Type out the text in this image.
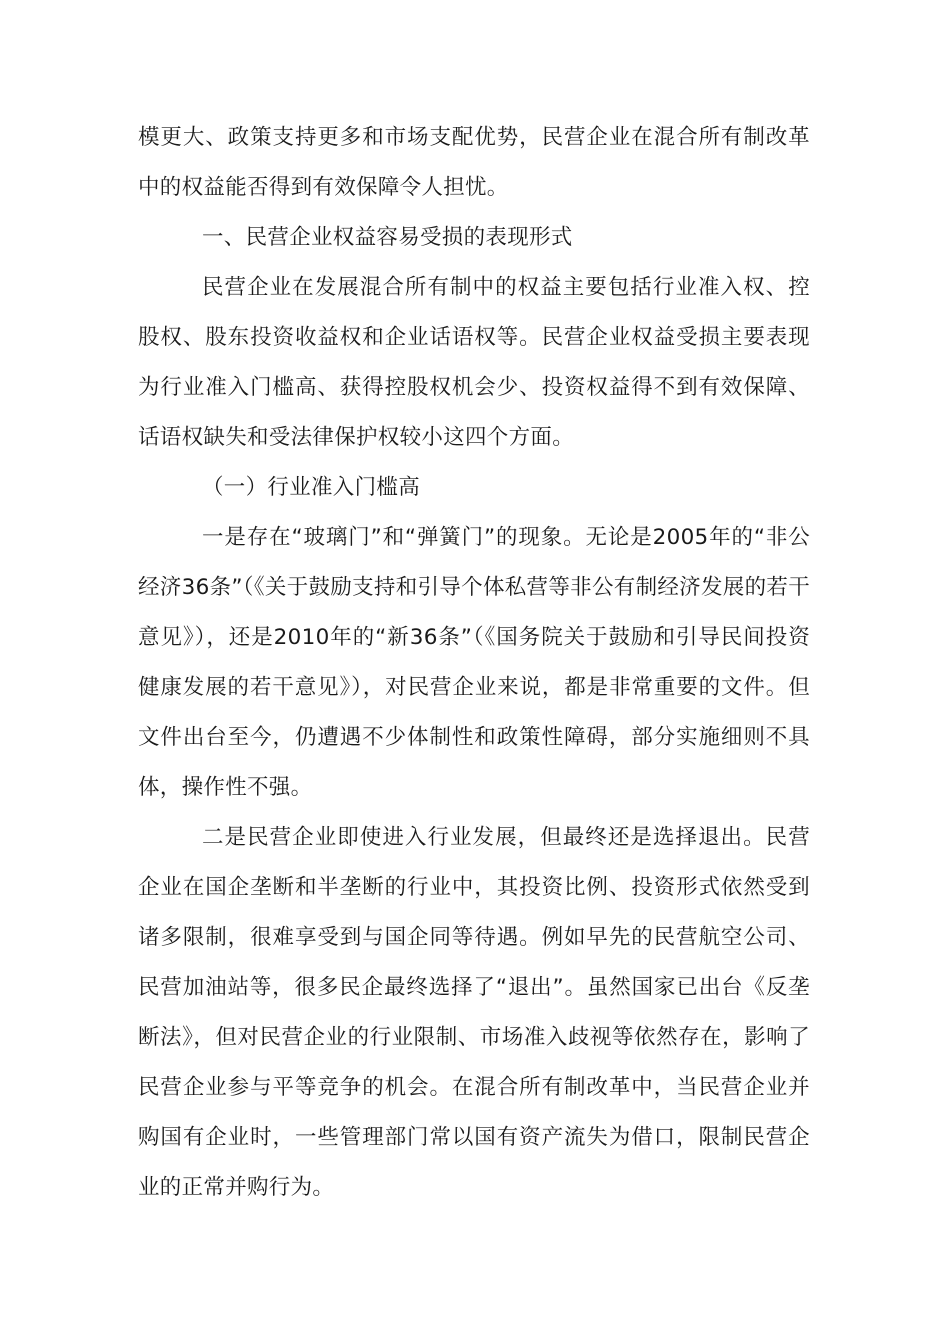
模更大、政策支持更多和市场支配优势，民营企业在混合所有制改革中的权益能否得到有效保障令人担忧。

一、民营企业权益容易受损的表现形式

民营企业在发展混合所有制中的权益主要包括行业准入权、控股权、股东投资收益权和企业话语权等。民营企业权益受损主要表现为行业准入门槛高、获得控股权机会少、投资权益得不到有效保障、话语权缺失和受法律保护权较小这四个方面。

（一）行业准入门槛高

一是存在“玻璃门”和“弹簧门”的现象。无论是2005年的“非公经济36条”（《关于鼓励支持和引导个体私营等非公有制经济发展的若干意见》），还是2010年的“新36条”（《国务院关于鼓励和引导民间投资健康发展的若干意见》），对民营企业来说，都是非常重要的文件。但文件出台至今，仍遭遇不少体制性和政策性障碍，部分实施细则不具体，操作性不强。

二是民营企业即使进入行业发展，但最终还是选择退出。民营企业在国企垄断和半垄断的行业中，其投资比例、投资形式依然受到诸多限制，很难享受到与国企同等待遇。例如早先的民营航空公司、民营加油站等，很多民企最终选择了“退出”。虽然国家已出台《反垄断法》，但对民营企业的行业限制、市场准入歧视等依然存在，影响了民营企业参与平等竞争的机会。在混合所有制改革中，当民营企业并购国有企业时，一些管理部门常以国有资产流失为借口，限制民营企业的正常并购行为。
